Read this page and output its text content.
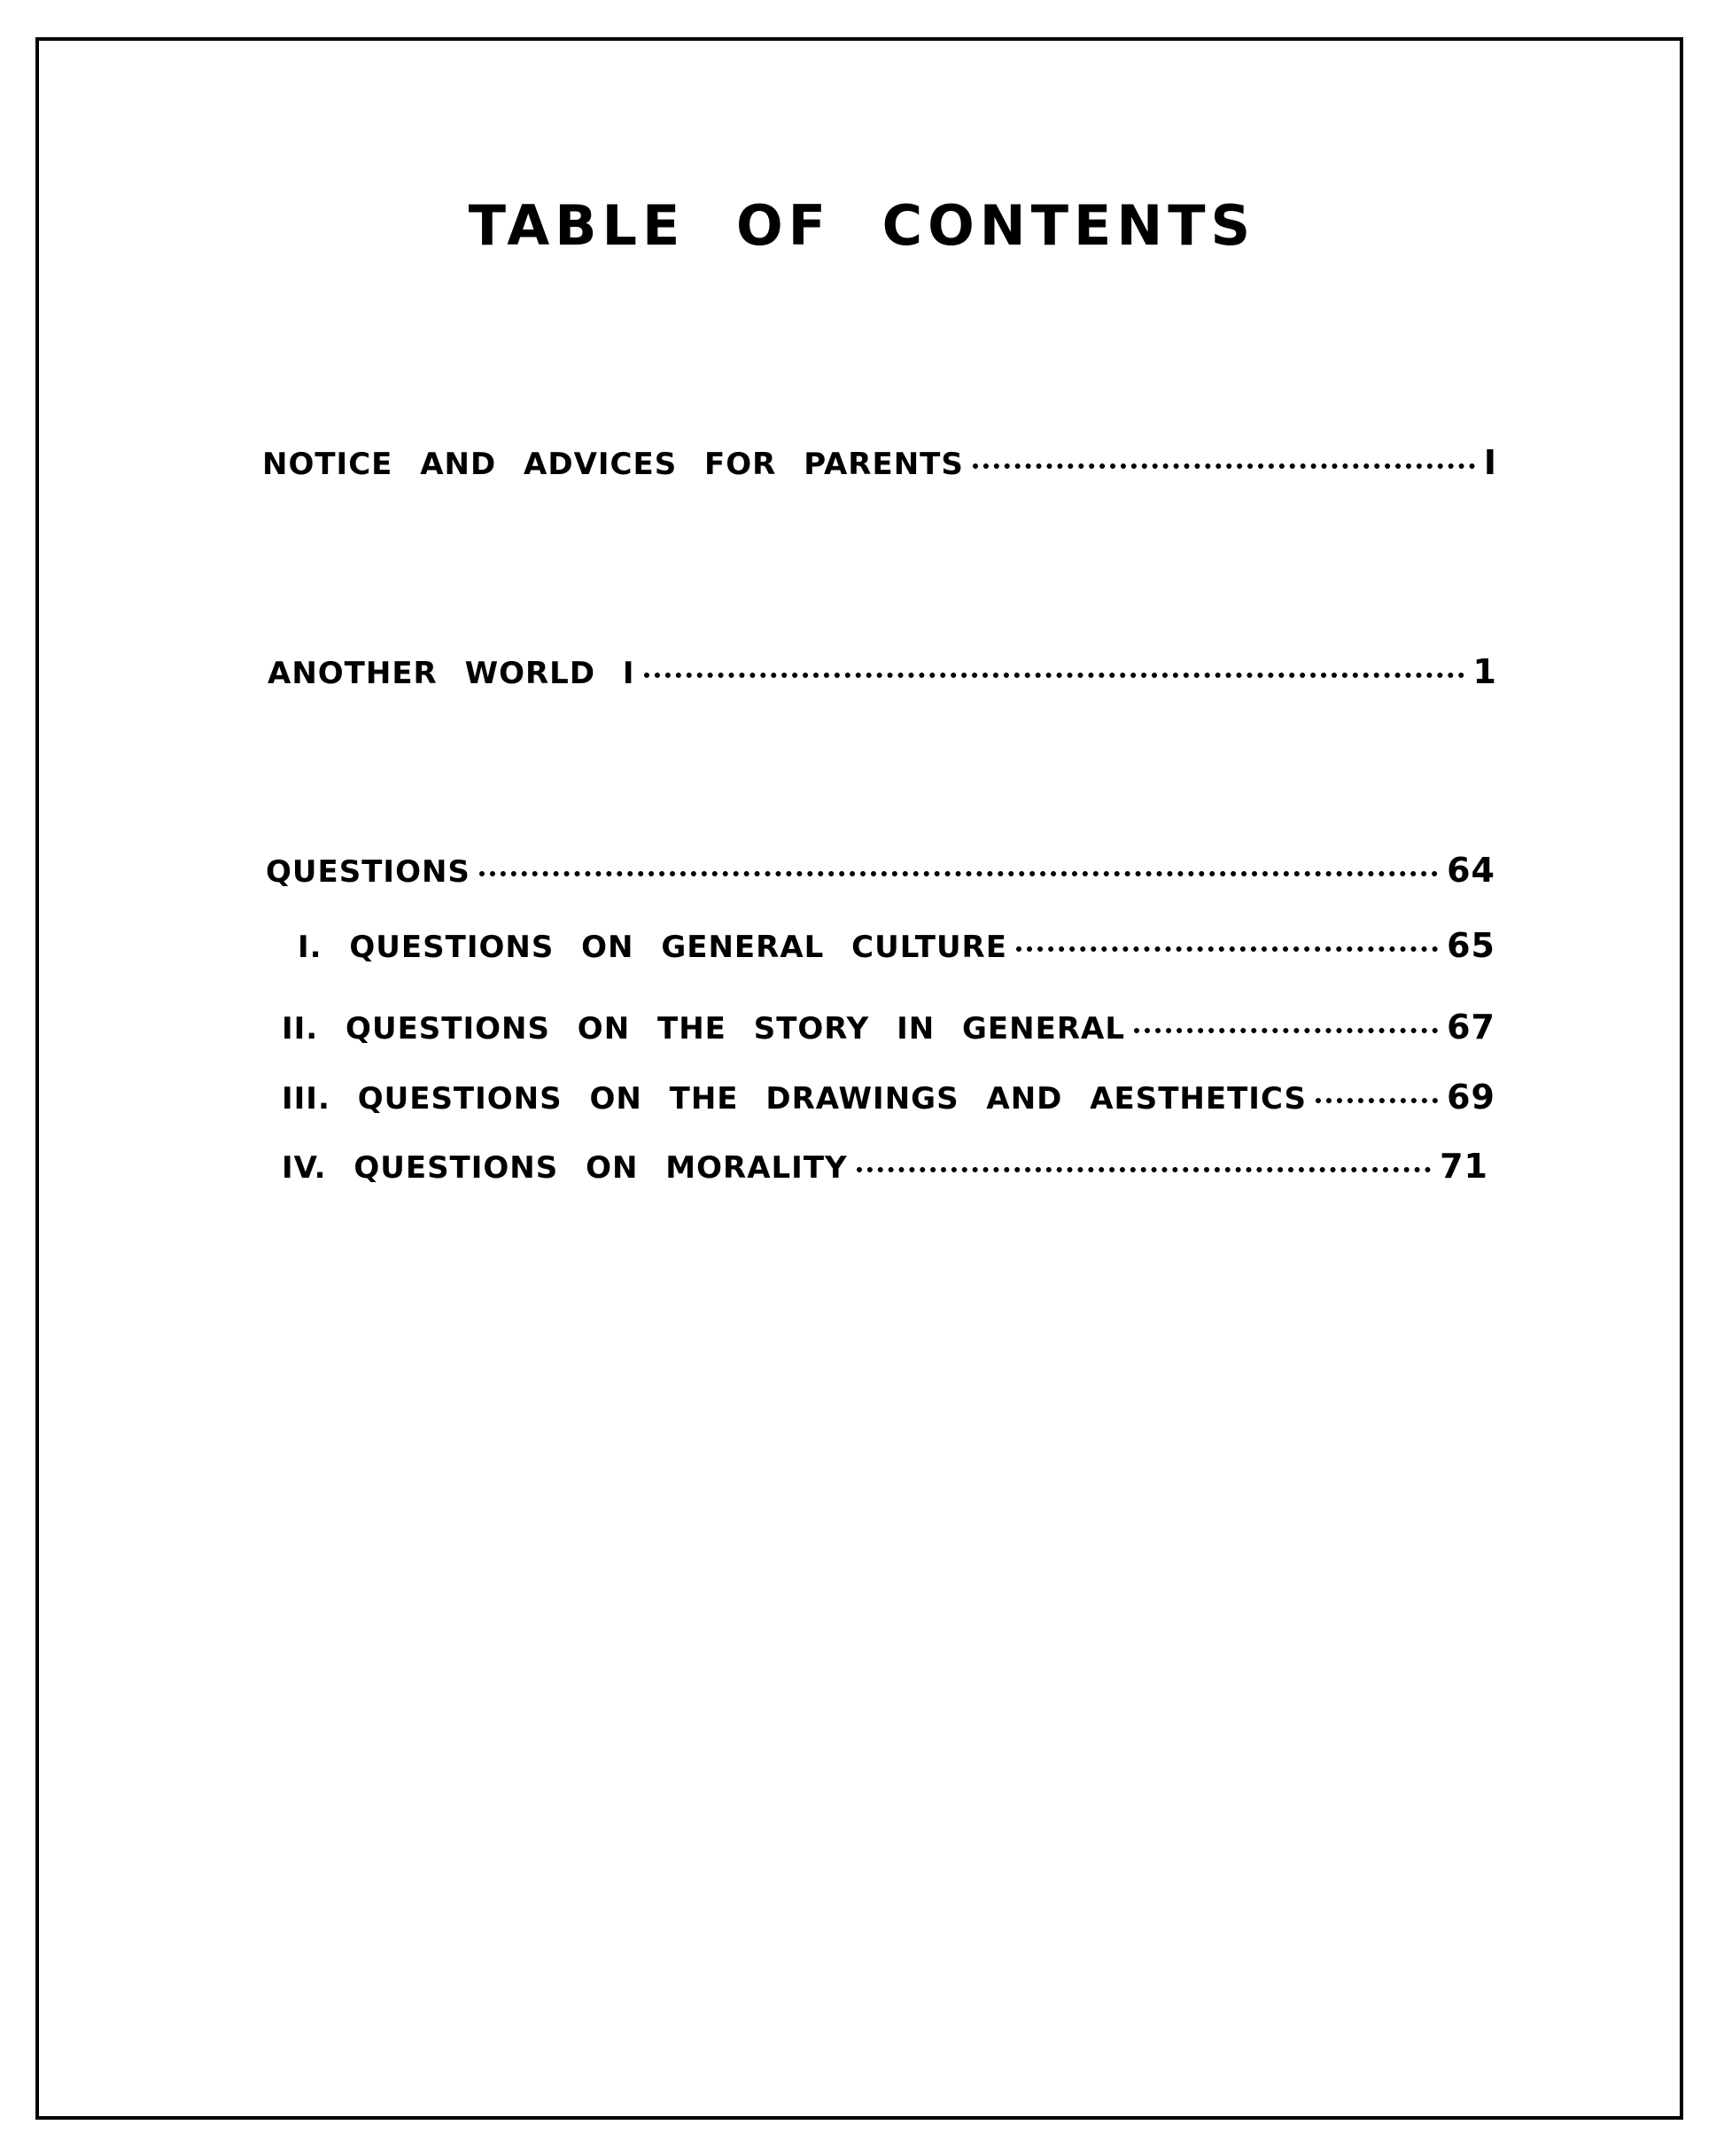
TABLE OF CONTENTS
NOTICE AND ADVICES FOR PARENTS	I
ANOTHER WORLD I	1
QUESTIONS	64
I. QUESTIONS ON GENERAL CULTURE	65
II. QUESTIONS ON THE STORY IN GENERAL	67
III. QUESTIONS ON THE DRAWINGS AND AESTHETICS	69
IV. QUESTIONS ON MORALITY	71
